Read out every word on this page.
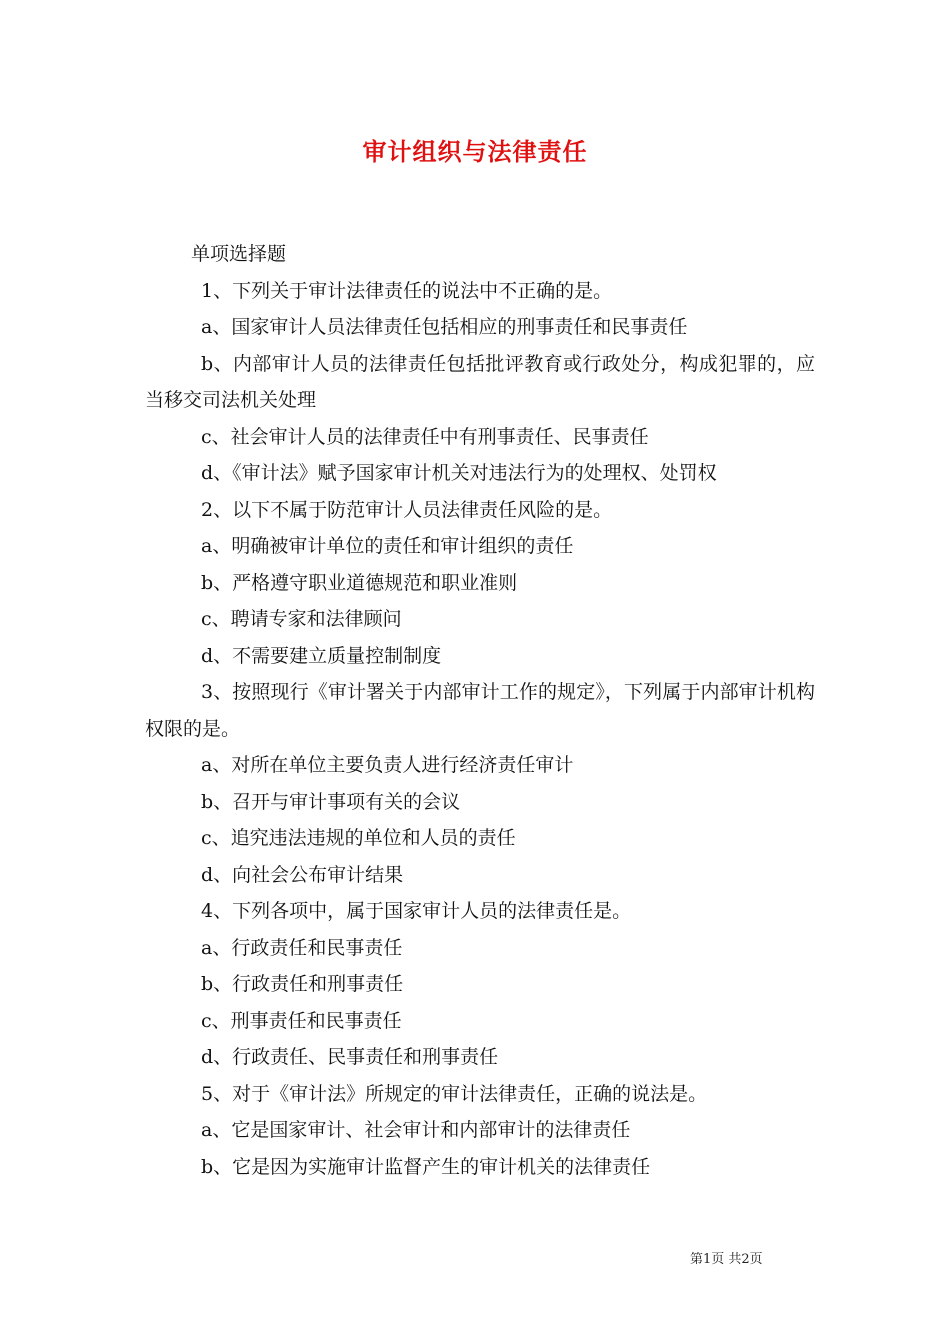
审计组织与法律责任

单项选择题

1、下列关于审计法律责任的说法中不正确的是。

a、国家审计人员法律责任包括相应的刑事责任和民事责任

b、内部审计人员的法律责任包括批评教育或行政处分，构成犯罪的，应当移交司法机关处理

c、社会审计人员的法律责任中有刑事责任、民事责任

d、《审计法》赋予国家审计机关对违法行为的处理权、处罚权

2、以下不属于防范审计人员法律责任风险的是。

a、明确被审计单位的责任和审计组织的责任

b、严格遵守职业道德规范和职业准则

c、聘请专家和法律顾问

d、不需要建立质量控制制度

3、按照现行《审计署关于内部审计工作的规定》，下列属于内部审计机构权限的是。

a、对所在单位主要负责人进行经济责任审计

b、召开与审计事项有关的会议

c、追究违法违规的单位和人员的责任

d、向社会公布审计结果

4、下列各项中，属于国家审计人员的法律责任是。

a、行政责任和民事责任

b、行政责任和刑事责任

c、刑事责任和民事责任

d、行政责任、民事责任和刑事责任

5、对于《审计法》所规定的审计法律责任，正确的说法是。

a、它是国家审计、社会审计和内部审计的法律责任

b、它是因为实施审计监督产生的审计机关的法律责任

第1页 共2页
